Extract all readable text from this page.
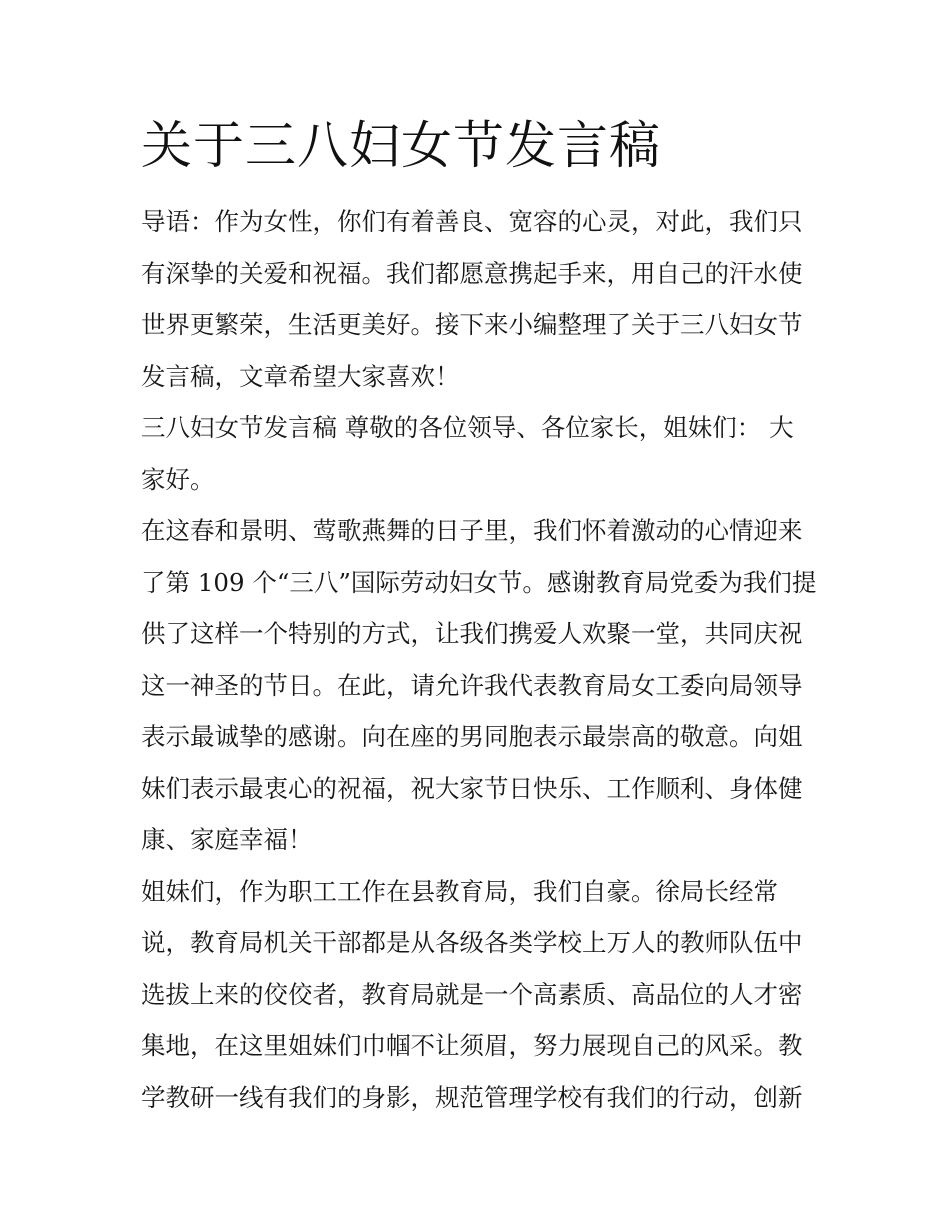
关于三八妇女节发言稿
导语：作为女性，你们有着善良、宽容的心灵，对此，我们只
有深挚的关爱和祝福。我们都愿意携起手来，用自己的汗水使
世界更繁荣，生活更美好。接下来小编整理了关于三八妇女节
发言稿，文章希望大家喜欢！
三八妇女节发言稿 尊敬的各位领导、各位家长，姐妹们： 大
家好。
在这春和景明、莺歌燕舞的日子里，我们怀着激动的心情迎来
了第 109 个“三八”国际劳动妇女节。感谢教育局党委为我们提
供了这样一个特别的方式，让我们携爱人欢聚一堂，共同庆祝
这一神圣的节日。在此，请允许我代表教育局女工委向局领导
表示最诚挚的感谢。向在座的男同胞表示最崇高的敬意。向姐
妹们表示最衷心的祝福，祝大家节日快乐、工作顺利、身体健
康、家庭幸福！
姐妹们，作为职工工作在县教育局，我们自豪。徐局长经常
说，教育局机关干部都是从各级各类学校上万人的教师队伍中
选拔上来的佼佼者，教育局就是一个高素质、高品位的人才密
集地，在这里姐妹们巾帼不让须眉，努力展现自己的风采。教
学教研一线有我们的身影，规范管理学校有我们的行动，创新
